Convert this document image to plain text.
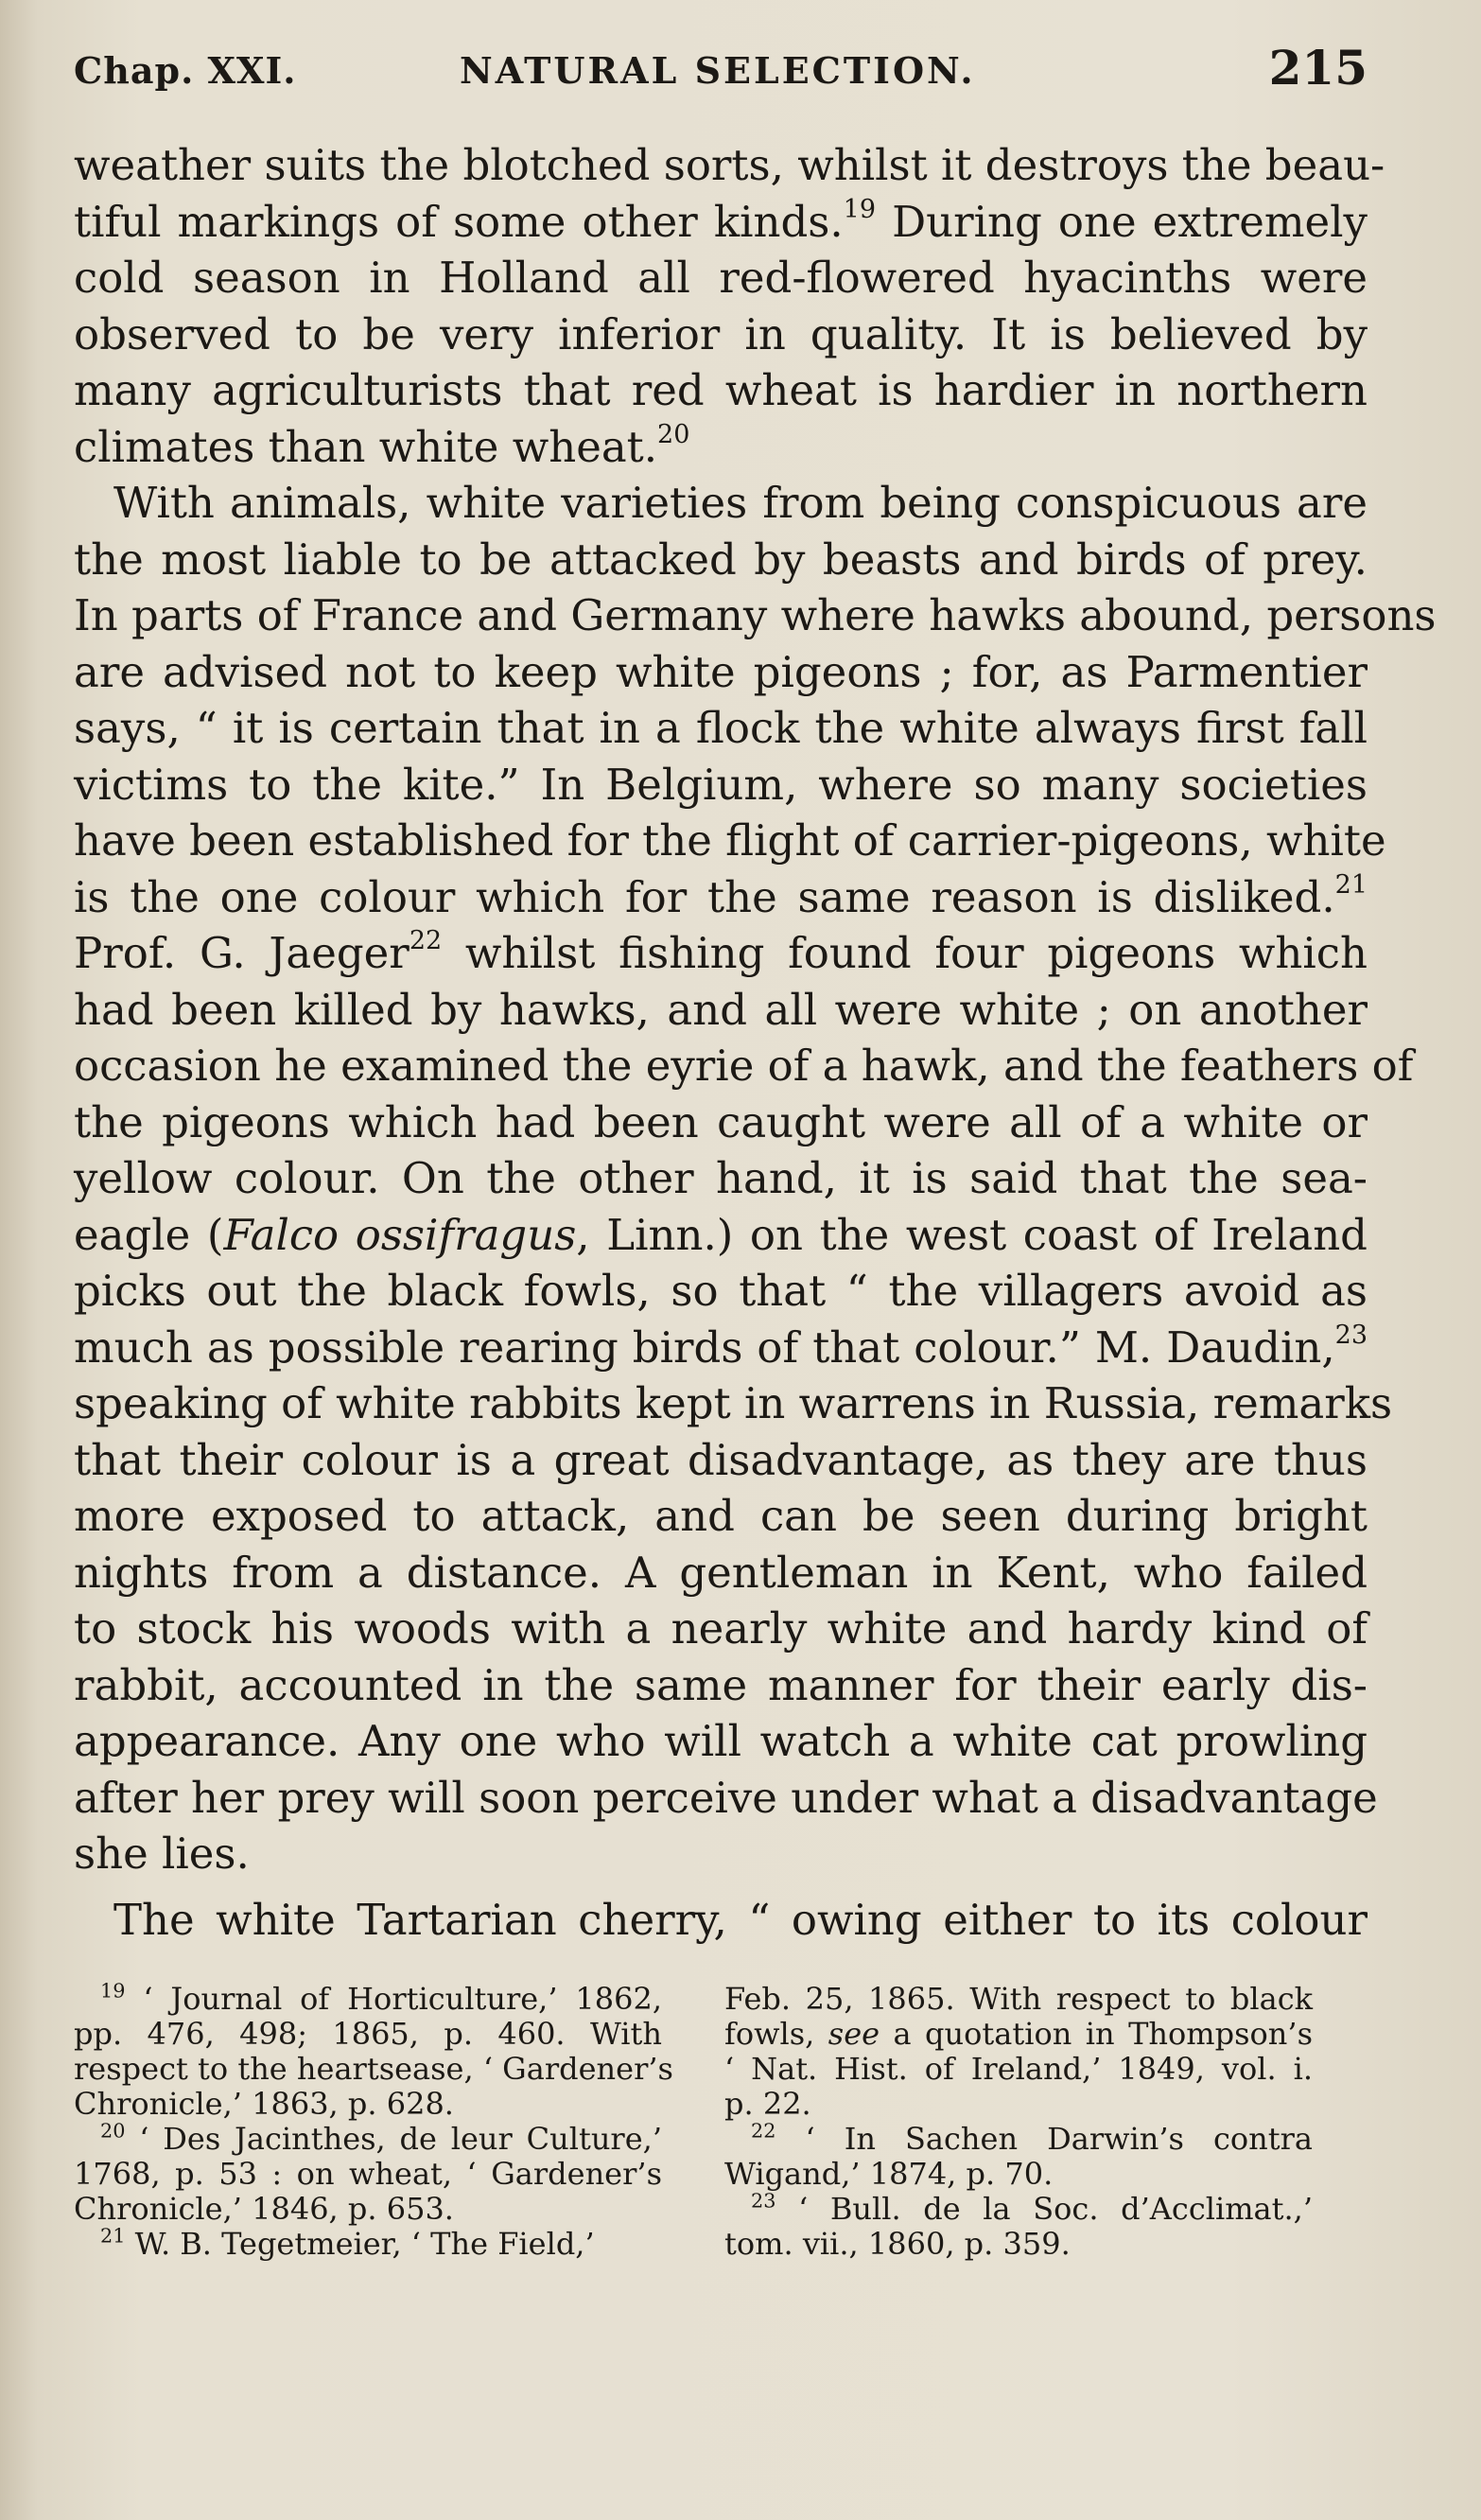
Chap. XXI.	NATURAL SELECTION.	215
weather suits the blotched sorts, whilst it destroys the beau-
tiful markings of some other kinds.$^{19}$ During one extremely
cold season in Holland all red-flowered hyacinths were
observed to be very inferior in quality. It is believed by
many agriculturists that red wheat is hardier in northern
climates than white wheat.$^{20}$
With animals, white varieties from being conspicuous are
the most liable to be attacked by beasts and birds of prey.
In parts of France and Germany where hawks abound, persons
are advised not to keep white pigeons ; for, as Parmentier
says, “ it is certain that in a flock the white always first fall
victims to the kite.” In Belgium, where so many societies
have been established for the flight of carrier-pigeons, white
is the one colour which for the same reason is disliked.$^{21}$
Prof. G. Jaeger$^{22}$ whilst fishing found four pigeons which
had been killed by hawks, and all were white ; on another
occasion he examined the eyrie of a hawk, and the feathers of
the pigeons which had been caught were all of a white or
yellow colour. On the other hand, it is said that the sea-
eagle (Falco ossifragus, Linn.) on the west coast of Ireland
picks out the black fowls, so that “ the villagers avoid as
much as possible rearing birds of that colour.” M. Daudin,$^{23}$
speaking of white rabbits kept in warrens in Russia, remarks
that their colour is a great disadvantage, as they are thus
more exposed to attack, and can be seen during bright
nights from a distance. A gentleman in Kent, who failed
to stock his woods with a nearly white and hardy kind of
rabbit, accounted in the same manner for their early dis-
appearance. Any one who will watch a white cat prowling
after her prey will soon perceive under what a disadvantage
she lies.
The white Tartarian cherry, “ owing either to its colour
$^{19}$ ‘ Journal of Horticulture,’ 1862,
pp. 476, 498; 1865, p. 460. With
respect to the heartsease, ‘ Gardener’s
Chronicle,’ 1863, p. 628.
$^{20}$ ‘ Des Jacinthes, de leur Culture,’
1768, p. 53 : on wheat, ‘ Gardener’s
Chronicle,’ 1846, p. 653.
$^{21}$ W. B. Tegetmeier, ‘ The Field,’
Feb. 25, 1865. With respect to black
fowls, see a quotation in Thompson’s
‘ Nat. Hist. of Ireland,’ 1849, vol. i.
p. 22.
$^{22}$ ‘ In Sachen Darwin’s contra
Wigand,’ 1874, p. 70.
$^{23}$ ‘ Bull. de la Soc. d’Acclimat.,’
tom. vii., 1860, p. 359.
